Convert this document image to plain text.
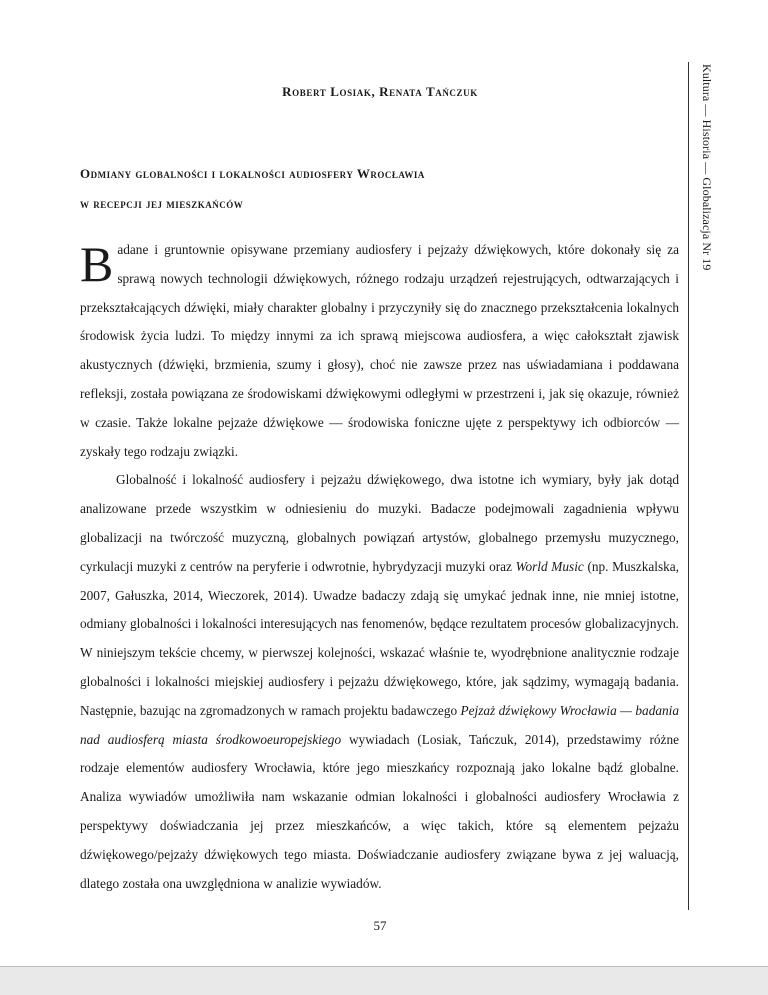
Kultura — Historia — Globalizacja Nr 19
Robert Losiak, Renata Tańczuk
Odmiany globalności i lokalności audiosfery Wrocławia
w recepcji jej mieszkańców

Badane i gruntownie opisywane przemiany audiosfery i pejzaży dźwiękowych, które dokonały się za sprawą nowych technologii dźwiękowych, różnego rodzaju urządzeń rejestrujących, odtwarzających i przekształcających dźwięki, miały charakter globalny i przyczyniły się do znacznego przekształcenia lokalnych środowisk życia ludzi. To między innymi za ich sprawą miejscowa audiosfera, a więc całokształt zjawisk akustycznych (dźwięki, brzmienia, szumy i głosy), choć nie zawsze przez nas uświadamiana i poddawana refleksji, została powiązana ze środowiskami dźwiękowymi odległymi w przestrzeni i, jak się okazuje, również w czasie. Także lokalne pejzaże dźwiękowe — środowiska foniczne ujęte z perspektywy ich odbiorców — zyskały tego rodzaju związki.

Globalność i lokalność audiosfery i pejzażu dźwiękowego, dwa istotne ich wymiary, były jak dotąd analizowane przede wszystkim w odniesieniu do muzyki. Badacze podejmowali zagadnienia wpływu globalizacji na twórczość muzyczną, globalnych powiązań artystów, globalnego przemysłu muzycznego, cyrkulacji muzyki z centrów na peryferie i odwrotnie, hybrydyzacji muzyki oraz World Music (np. Muszkalska, 2007, Gałuszka, 2014, Wieczorek, 2014). Uwadze badaczy zdają się umykać jednak inne, nie mniej istotne, odmiany globalności i lokalności interesujących nas fenomenów, będące rezultatem procesów globalizacyjnych. W niniejszym tekście chcemy, w pierwszej kolejności, wskazać właśnie te, wyodrębnione analitycznie rodzaje globalności i lokalności miejskiej audiosfery i pejzażu dźwiękowego, które, jak sądzimy, wymagają badania. Następnie, bazując na zgromadzonych w ramach projektu badawczego Pejzaż dźwiękowy Wrocławia — badania nad audiosferą miasta środkowoeuropejskiego wywiadach (Losiak, Tańczuk, 2014), przedstawimy różne rodzaje elementów audiosfery Wrocławia, które jego mieszkańcy rozpoznają jako lokalne bądź globalne. Analiza wywiadów umożliwiła nam wskazanie odmian lokalności i globalności audiosfery Wrocławia z perspektywy doświadczania jej przez mieszkańców, a więc takich, które są elementem pejzażu dźwiękowego/pejzaży dźwiękowych tego miasta. Doświadczanie audiosfery związane bywa z jej waluacją, dlatego została ona uwzględniona w analizie wywiadów.

57
